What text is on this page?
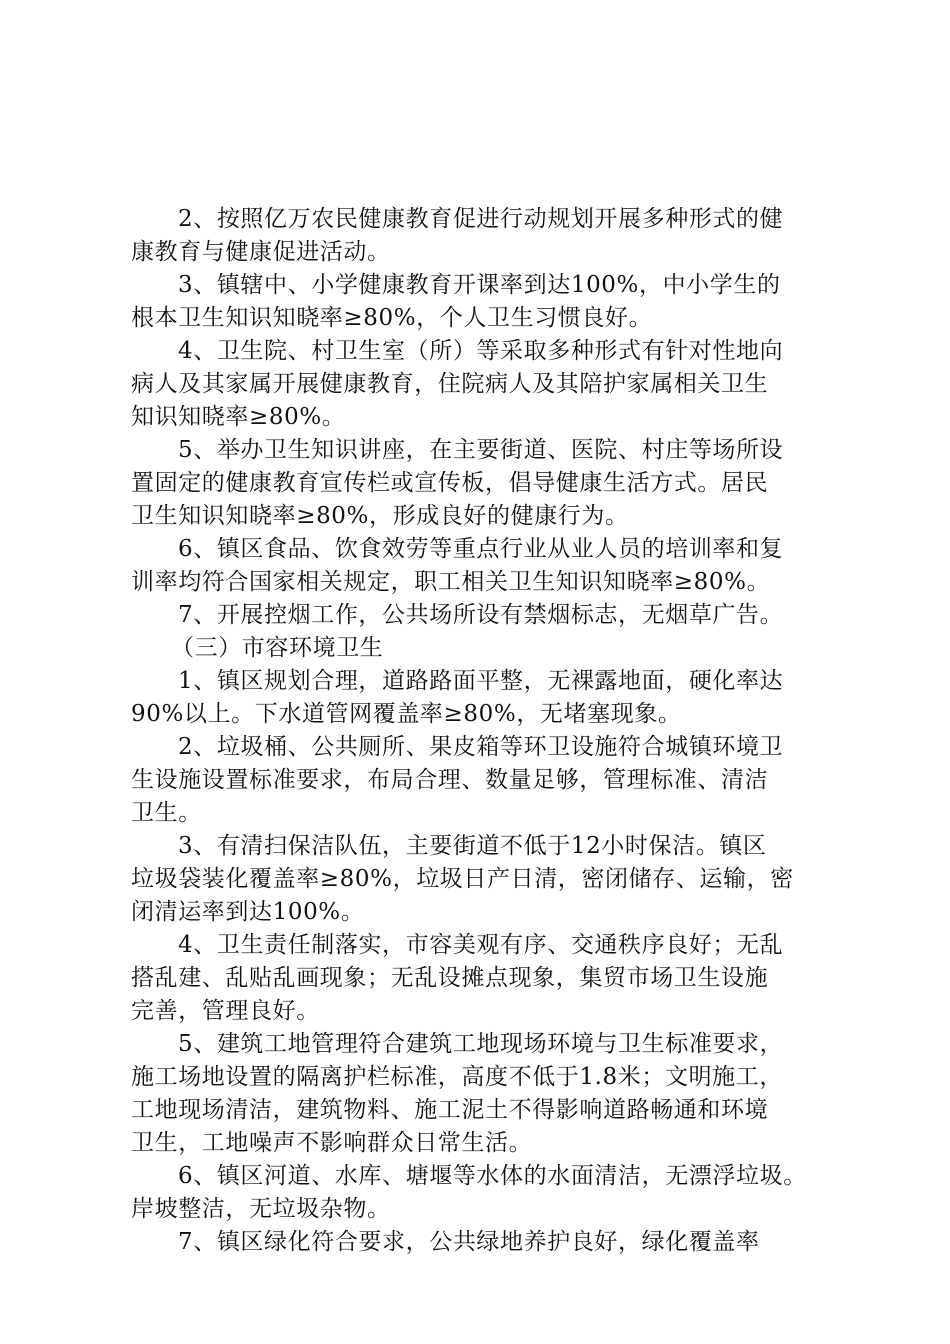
2、按照亿万农民健康教育促进行动规划开展多种形式的健
康教育与健康促进活动。
3、镇辖中、小学健康教育开课率到达100%，中小学生的
根本卫生知识知晓率≥80%，个人卫生习惯良好。
4、卫生院、村卫生室（所）等采取多种形式有针对性地向
病人及其家属开展健康教育，住院病人及其陪护家属相关卫生
知识知晓率≥80%。
5、举办卫生知识讲座，在主要街道、医院、村庄等场所设
置固定的健康教育宣传栏或宣传板，倡导健康生活方式。居民
卫生知识知晓率≥80%，形成良好的健康行为。
6、镇区食品、饮食效劳等重点行业从业人员的培训率和复
训率均符合国家相关规定，职工相关卫生知识知晓率≥80%。
7、开展控烟工作，公共场所设有禁烟标志，无烟草广告。
（三）市容环境卫生
1、镇区规划合理，道路路面平整，无裸露地面，硬化率达
90%以上。下水道管网覆盖率≥80%，无堵塞现象。
2、垃圾桶、公共厕所、果皮箱等环卫设施符合城镇环境卫
生设施设置标准要求，布局合理、数量足够，管理标准、清洁
卫生。
3、有清扫保洁队伍，主要街道不低于12小时保洁。镇区
垃圾袋装化覆盖率≥80%，垃圾日产日清，密闭储存、运输，密
闭清运率到达100%。
4、卫生责任制落实，市容美观有序、交通秩序良好；无乱
搭乱建、乱贴乱画现象；无乱设摊点现象，集贸市场卫生设施
完善，管理良好。
5、建筑工地管理符合建筑工地现场环境与卫生标准要求，
施工场地设置的隔离护栏标准，高度不低于1.8米；文明施工，
工地现场清洁，建筑物料、施工泥土不得影响道路畅通和环境
卫生，工地噪声不影响群众日常生活。
6、镇区河道、水库、塘堰等水体的水面清洁，无漂浮垃圾。
岸坡整洁，无垃圾杂物。
7、镇区绿化符合要求，公共绿地养护良好，绿化覆盖率
